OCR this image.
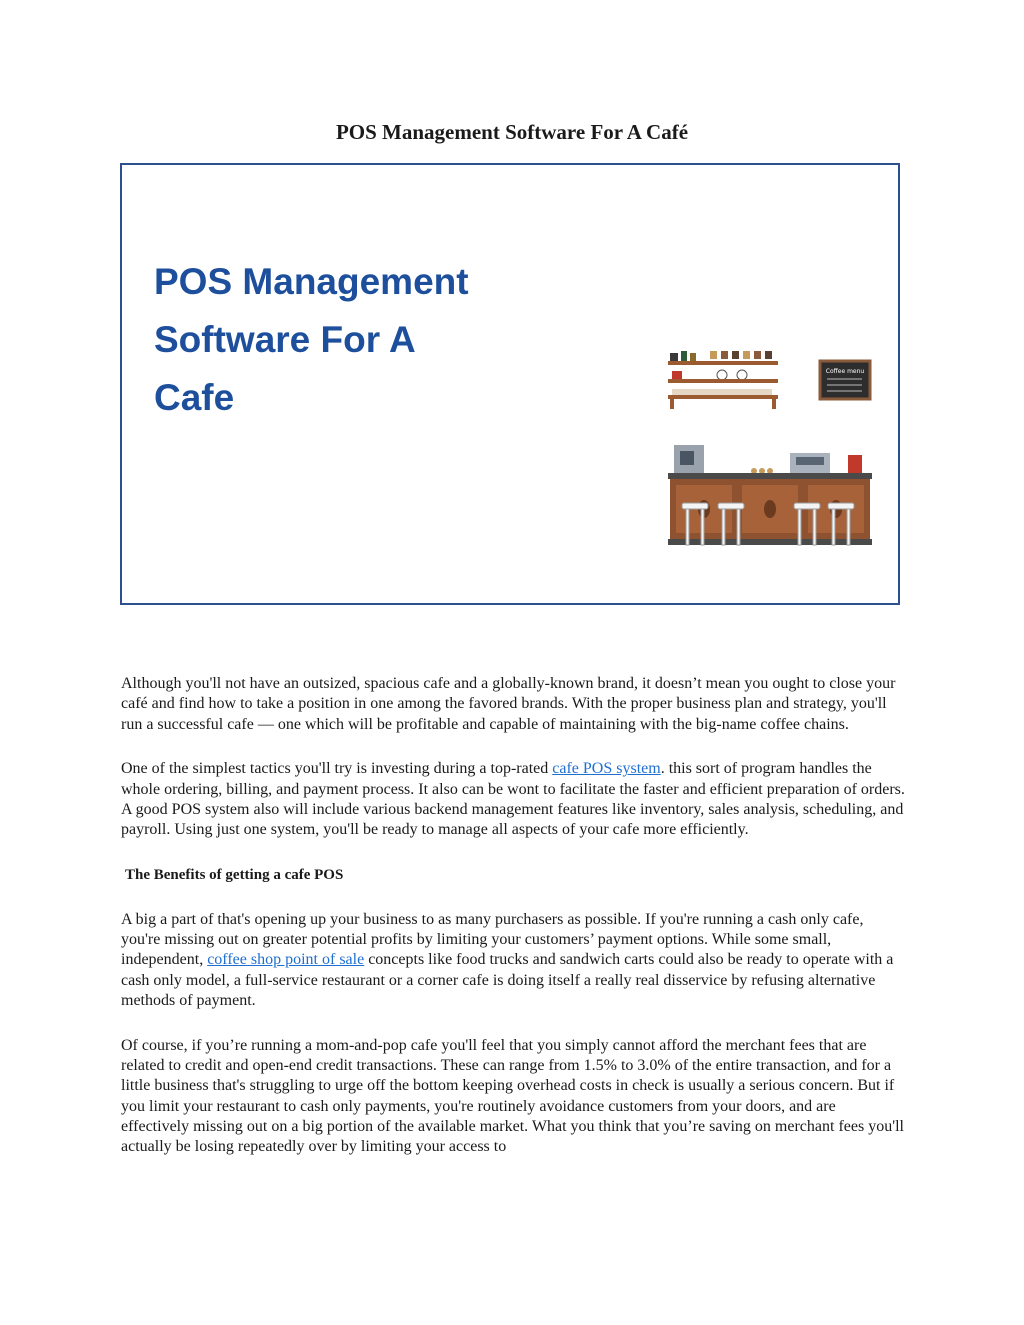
POS Management Software For A Café
POS Management
Software For A
Cafe
Coffee menu

Although you'll not have an outsized, spacious cafe and a globally-known brand, it doesn’t mean you ought to close your café and find how to take a position in one among the favored brands. With the proper business plan and strategy, you'll run a successful cafe — one which will be profitable and capable of maintaining with the big-name coffee chains.

One of the simplest tactics you'll try is investing during a top-rated cafe POS system. this sort of program handles the whole ordering, billing, and payment process. It also can be wont to facilitate the faster and efficient preparation of orders. A good POS system also will include various backend management features like inventory, sales analysis, scheduling, and payroll. Using just one system, you'll be ready to manage all aspects of your cafe more efficiently.

The Benefits of getting a cafe POS

A big a part of that's opening up your business to as many purchasers as possible. If you're running a cash only cafe, you're missing out on greater potential profits by limiting your customers’ payment options. While some small, independent, coffee shop point of sale concepts like food trucks and sandwich carts could also be ready to operate with a cash only model, a full-service restaurant or a corner cafe is doing itself a really real disservice by refusing alternative methods of payment.

Of course, if you’re running a mom-and-pop cafe you'll feel that you simply cannot afford the merchant fees that are related to credit and open-end credit transactions. These can range from 1.5% to 3.0% of the entire transaction, and for a little business that's struggling to urge off the bottom keeping overhead costs in check is usually a serious concern. But if you limit your restaurant to cash only payments, you're routinely avoidance customers from your doors, and are effectively missing out on a big portion of the available market. What you think that you’re saving on merchant fees you'll actually be losing repeatedly over by limiting your access to
